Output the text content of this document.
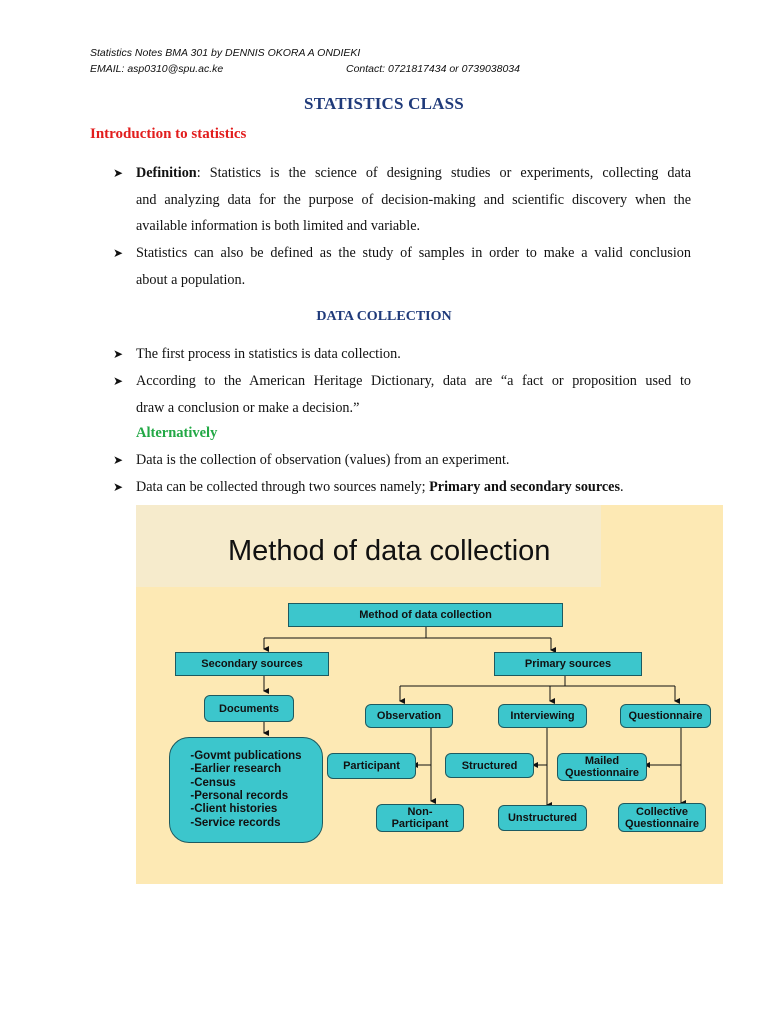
Statistics Notes BMA 301 by DENNIS OKORA A ONDIEKI
EMAIL: asp0310@spu.ac.ke	Contact: 0721817434 or 0739038034
STATISTICS CLASS
Introduction to statistics
➤ Definition: Statistics is the science of designing studies or experiments, collecting data
and analyzing data for the purpose of decision-making and scientific discovery when the
available information is both limited and variable.
➤ Statistics can also be defined as the study of samples in order to make a valid conclusion
about a population.
DATA COLLECTION
➤ The first process in statistics is data collection.
➤ According to the American Heritage Dictionary, data are “a fact or proposition used to
draw a conclusion or make a decision.”
Alternatively
➤ Data is the collection of observation (values) from an experiment.
➤ Data can be collected through two sources namely; Primary and secondary sources.
Method of data collection
Method of data collection
Secondary sources	Primary sources
Documents
-Govmt publications
-Earlier research
-Census
-Personal records
-Client histories
-Service records
Observation	Interviewing	Questionnaire
Participant	Structured	Mailed
Questionnaire
Non-
Participant	Unstructured
Collective
Questionnaire
